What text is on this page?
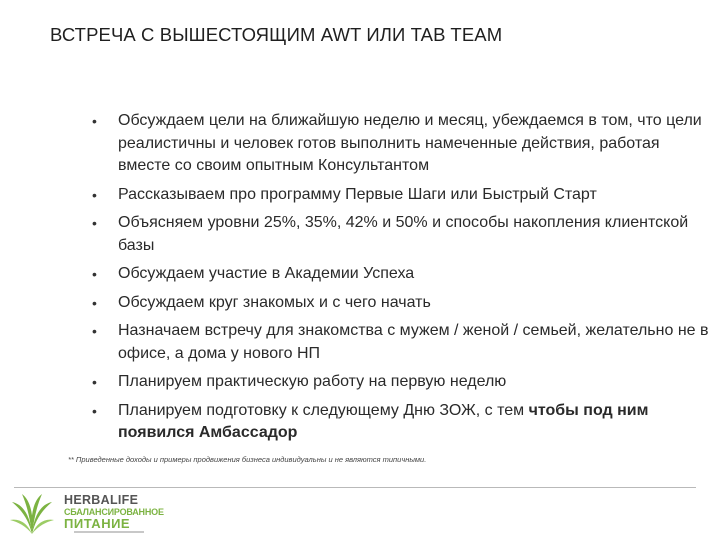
ВСТРЕЧА С ВЫШЕСТОЯЩИМ AWT ИЛИ TAB TEAM
• Обсуждаем цели на ближайшую неделю и месяц, убеждаемся в том, что цели реалистичны и человек готов выполнить намеченные действия, работая вместе со своим опытным Консультантом
• Рассказываем про программу Первые Шаги или Быстрый Старт
• Объясняем уровни 25%, 35%, 42% и 50% и способы накопления клиентской базы
• Обсуждаем участие в Академии Успеха
• Обсуждаем круг знакомых и с чего начать
• Назначаем встречу для знакомства с мужем / женой / семьей, желательно не в офисе, а дома у нового НП
• Планируем практическую работу на первую неделю
• Планируем подготовку к следующему Дню ЗОЖ, с тем чтобы под ним появился Амбассадор
** Приведенные доходы и примеры продвижения бизнеса индивидуальны и не являются типичными.
HERBALIFE
СБАЛАНСИРОВАННОЕ
ПИТАНИЕ
